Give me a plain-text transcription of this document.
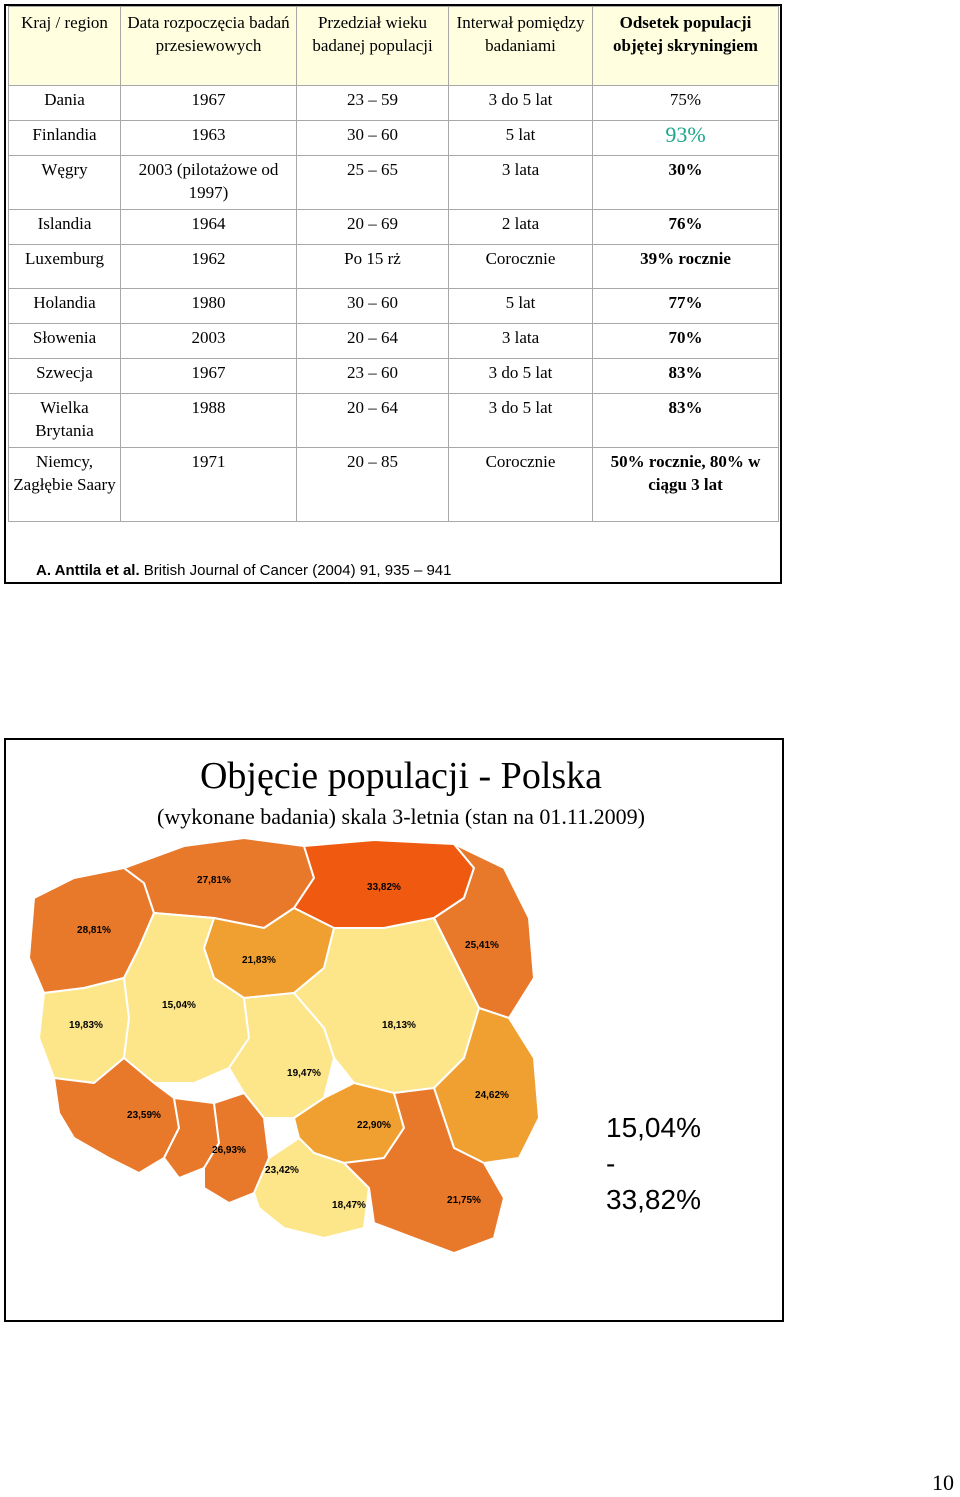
Kraj / region	Data rozpoczęcia badań przesiewowych	Przedział wieku badanej populacji	Interwał pomiędzy badaniami	Odsetek populacji objętej skryningiem
Dania	1967	23 – 59	3 do 5 lat	75%
Finlandia	1963	30 – 60	5 lat	93%
Węgry	2003 (pilotażowe od 1997)	25 – 65	3 lata	30%
Islandia	1964	20 – 69	2 lata	76%
Luxemburg	1962	Po 15 rż	Corocznie	39% rocznie
Holandia	1980	30 – 60	5 lat	77%
Słowenia	2003	20 – 64	3 lata	70%
Szwecja	1967	23 – 60	3 do 5 lat	83%
Wielka Brytania	1988	20 – 64	3 do 5 lat	83%
Niemcy, Zagłębie Saary	1971	20 – 85	Corocznie	50% rocznie, 80% w ciągu 3 lat
A. Anttila et al. British Journal of Cancer (2004) 91, 935 – 941
Objęcie populacji - Polska
(wykonane badania) skala 3-letnia (stan na 01.11.2009)
27,81%
28,81%
33,82%
21,83%
25,41%
19,83%
15,04%
18,13%
19,47%
23,59%
24,62%
22,90%
26,93%
23,42%
18,47%	21,75%
15,04%
-
33,82%
10
